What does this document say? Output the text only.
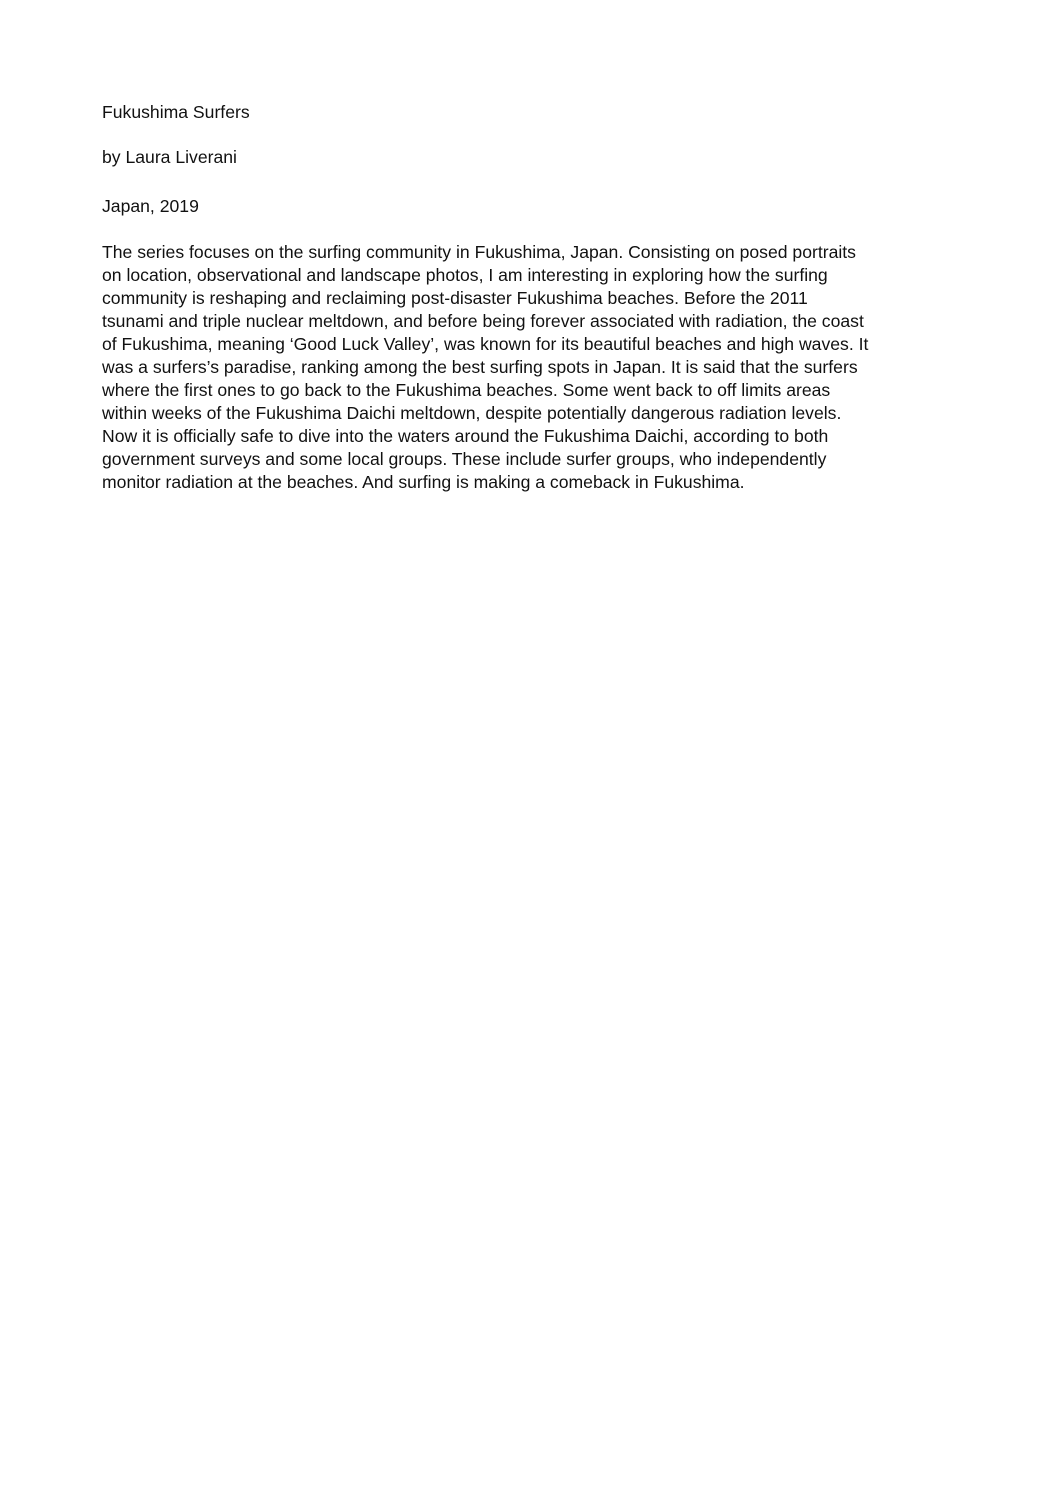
Fukushima Surfers

by Laura Liverani

Japan, 2019

The series focuses on the surfing community in Fukushima, Japan. Consisting on posed portraits

on location, observational and landscape photos, I am interesting in exploring how the surfing

community is reshaping and reclaiming post-disaster Fukushima beaches. Before the 2011

tsunami and triple nuclear meltdown, and before being forever associated with radiation, the coast

of Fukushima, meaning ‘Good Luck Valley’, was known for its beautiful beaches and high waves. It

was a surfers’s paradise, ranking among the best surfing spots in Japan. It is said that the surfers

where the first ones to go back to the Fukushima beaches. Some went back to off limits areas

within weeks of the Fukushima Daichi meltdown, despite potentially dangerous radiation levels.

Now it is officially safe to dive into the waters around the Fukushima Daichi, according to both

government surveys and some local groups. These include surfer groups, who independently

monitor radiation at the beaches. And surfing is making a comeback in Fukushima.
